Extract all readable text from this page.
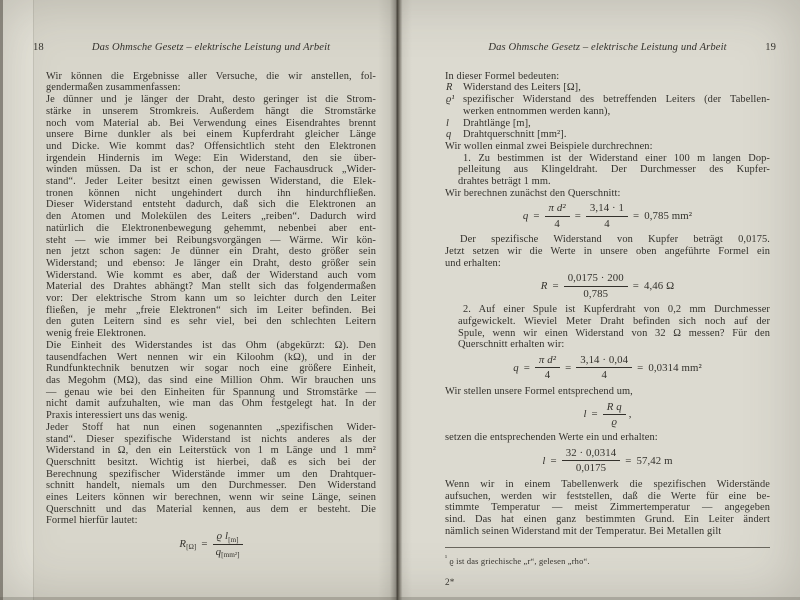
18	Das Ohmsche Gesetz – elektrische Leistung und Arbeit
Wir können die Ergebnisse aller Versuche, die wir anstellen, fol-
gendermaßen zusammenfassen:
Je dünner und je länger der Draht, desto geringer ist die Strom-
stärke in unserem Stromkreis. Außerdem hängt die Stromstärke
noch vom Material ab. Bei Verwendung eines Eisendrahtes brennt
unsere Birne dunkler als bei einem Kupferdraht gleicher Länge
und Dicke. Wie kommt das? Offensichtlich steht den Elektronen
irgendein Hindernis im Wege: Ein Widerstand, den sie über-
winden müssen. Da ist er schon, der neue Fachausdruck „Wider-
stand“. Jeder Leiter besitzt einen gewissen Widerstand, die Elek-
tronen können nicht ungehindert durch ihn hindurchfließen.
Dieser Widerstand entsteht dadurch, daß sich die Elektronen an
den Atomen und Molekülen des Leiters „reiben“. Dadurch wird
natürlich die Elektronenbewegung gehemmt, nebenbei aber ent-
steht — wie immer bei Reibungsvorgängen — Wärme. Wir kön-
nen jetzt schon sagen: Je dünner ein Draht, desto größer sein
Widerstand; und ebenso: Je länger ein Draht, desto größer sein
Widerstand. Wie kommt es aber, daß der Widerstand auch vom
Material des Drahtes abhängt? Man stellt sich das folgendermaßen
vor: Der elektrische Strom kann um so leichter durch den Leiter
fließen, je mehr „freie Elektronen“ sich im Leiter befinden. Bei
den guten Leitern sind es sehr viel, bei den schlechten Leitern
wenig freie Elektronen.
Die Einheit des Widerstandes ist das Ohm (abgekürzt: Ω). Den
tausendfachen Wert nennen wir ein Kiloohm (kΩ), und in der
Rundfunktechnik benutzen wir sogar noch eine größere Einheit,
das Megohm (MΩ), das sind eine Million Ohm. Wir brauchen uns
— genau wie bei den Einheiten für Spannung und Stromstärke —
nicht damit aufzuhalten, wie man das Ohm festgelegt hat. In der
Praxis interessiert uns das wenig.
Jeder Stoff hat nun einen sogenannten „spezifischen Wider-
stand“. Dieser spezifische Widerstand ist nichts anderes als der
Widerstand in Ω, den ein Leiterstück von 1 m Länge und 1 mm²
Querschnitt besitzt. Wichtig ist hierbei, daß es sich bei der
Berechnung spezifischer Widerstände immer um den Drahtquer-
schnitt handelt, niemals um den Durchmesser. Den Widerstand
eines Leiters können wir berechnen, wenn wir seine Länge, seinen
Querschnitt und das Material kennen, aus dem er besteht. Die
Formel hierfür lautet:
R $[\Omega] = \frac{ϱ l_{[m]}}{q_{[mm^2]}}$
Das Ohmsche Gesetz – elektrische Leistung und Arbeit	19
In dieser Formel bedeuten:
R	Widerstand des Leiters [Ω],
ϱ¹ spezifischer Widerstand des betreffenden Leiters (der Tabellen-
werken entnommen werden kann),
l	Drahtlänge [m],
q	Drahtquerschnitt [mm²].
Wir wollen einmal zwei Beispiele durchrechnen:
1. Zu bestimmen ist der Widerstand einer 100 m langen Dop-
pelleitung aus Klingeldraht. Der Durchmesser des Kupfer-
drahtes beträgt 1 mm.
Wir berechnen zunächst den Querschnitt:
$q = \frac{\text{π d²}}{4} = \frac{3,14 \cdot 1}{4} = 0,785$ mm²
Der spezifische Widerstand von Kupfer beträgt 0,0175.
Jetzt setzen wir die Werte in unsere oben angeführte Formel ein
und erhalten:
$R = \frac{0,0175 \cdot 200}{0,785} = 4,46$ Ω
2. Auf einer Spule ist Kupferdraht von 0,2 mm Durchmesser
aufgewickelt. Wieviel Meter Draht befinden sich noch auf der
Spule, wenn wir einen Widerstand von 32 Ω messen? Für den
Querschnitt erhalten wir:
$q = \frac{\text{π d²}}{4} = \frac{3,14 \cdot 0,04}{4} = 0,0314$ mm²
Wir stellen unsere Formel entsprechend um,
$l = \frac{\text{R q}}{ϱ}$ ,
setzen die entsprechenden Werte ein und erhalten:
$l = \frac{32 \cdot 0,0314}{0,0175} = 57,42$ m
Wenn wir in einem Tabellenwerk die spezifischen Widerstände
aufsuchen, werden wir feststellen, daß die Werte für eine be-
stimmte Temperatur — meist Zimmertemperatur — angegeben
sind. Das hat einen ganz bestimmten Grund. Ein Leiter ändert
nämlich seinen Widerstand mit der Temperatur. Bei Metallen gilt
$^{^1}$ ϱ ist das griechische „r“, gelesen „rho“.
2*
